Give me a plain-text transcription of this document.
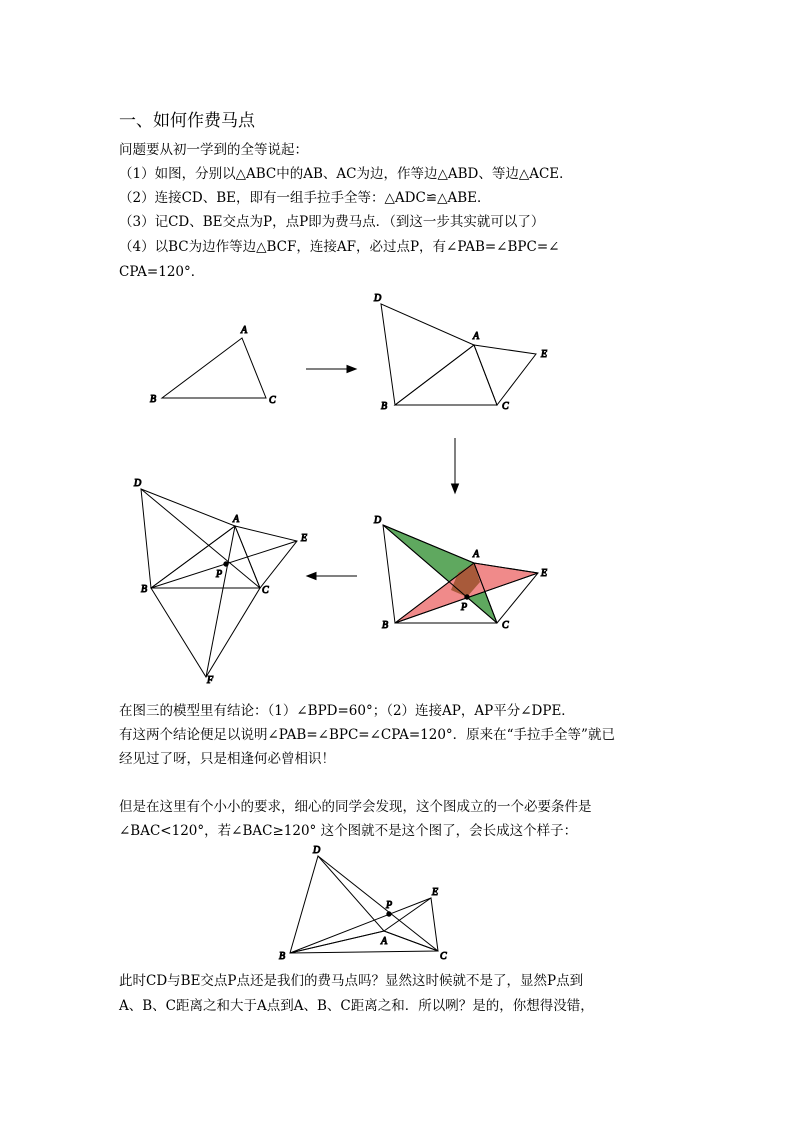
一、如何作费马点
问题要从初一学到的全等说起：
（1）如图，分别以△ABC中的AB、AC为边，作等边△ABD、等边△ACE．
（2）连接CD、BE，即有一组手拉手全等：△ADC≌△ABE．
（3）记CD、BE交点为P，点P即为费马点．（到这一步其实就可以了）
（4）以BC为边作等边△BCF，连接AF，必过点P，有∠PAB=∠BPC=∠
CPA=120°．
在图三的模型里有结论：（1）∠BPD=60°；（2）连接AP，AP平分∠DPE．
有这两个结论便足以说明∠PAB=∠BPC=∠CPA=120°．原来在“手拉手全等”就已
经见过了呀，只是相逢何必曾相识！
但是在这里有个小小的要求，细心的同学会发现，这个图成立的一个必要条件是
∠BAC<120°，若∠BAC≥120° 这个图就不是这个图了，会长成这个样子：
此时CD与BE交点P点还是我们的费马点吗？显然这时候就不是了，显然P点到
A、B、C距离之和大于A点到A、B、C距离之和．所以咧？是的，你想得没错，
A
B	C
D
A
E
B	C
D
A
E
P
B	C
D
A
E
P
B	C
F
D
E
P
A
B	C
